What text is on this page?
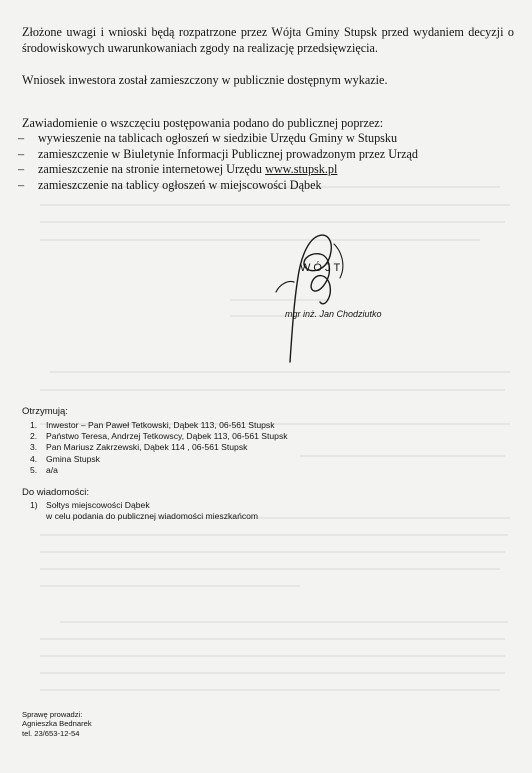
Złożone uwagi i wnioski będą rozpatrzone przez Wójta Gminy Stupsk przed wydaniem decyzji o środowiskowych uwarunkowaniach zgody na realizację przedsięwzięcia.

Wniosek inwestora został zamieszczony w publicznie dostępnym wykazie.

Zawiadomienie o wszczęciu postępowania podano do publicznej poprzez:

– wywieszenie na tablicach ogłoszeń w siedzibie Urzędu Gminy w Stupsku
– zamieszczenie w Biuletynie Informacji Publicznej prowadzonym przez Urząd
– zamieszczenie na stronie internetowej Urzędu www.stupsk.pl
– zamieszczenie na tablicy ogłoszeń w miejscowości Dąbek
WÓJT
mgr inż. Jan Chodziutko
Otrzymują:
1.	Inwestor – Pan Paweł Tetkowski, Dąbek 113, 06-561 Stupsk
2.	Państwo Teresa, Andrzej Tetkowscy, Dąbek 113, 06-561 Stupsk
3.	Pan Mariusz Zakrzewski, Dąbek 114 , 06-561 Stupsk
4.	Gmina Stupsk
5.	a/a
Do wiadomości:
1) Sołtys miejscowości Dąbek
w celu podania do publicznej wiadomości mieszkańcom
Sprawę prowadzi:
Agnieszka Bednarek
tel. 23/653-12-54
